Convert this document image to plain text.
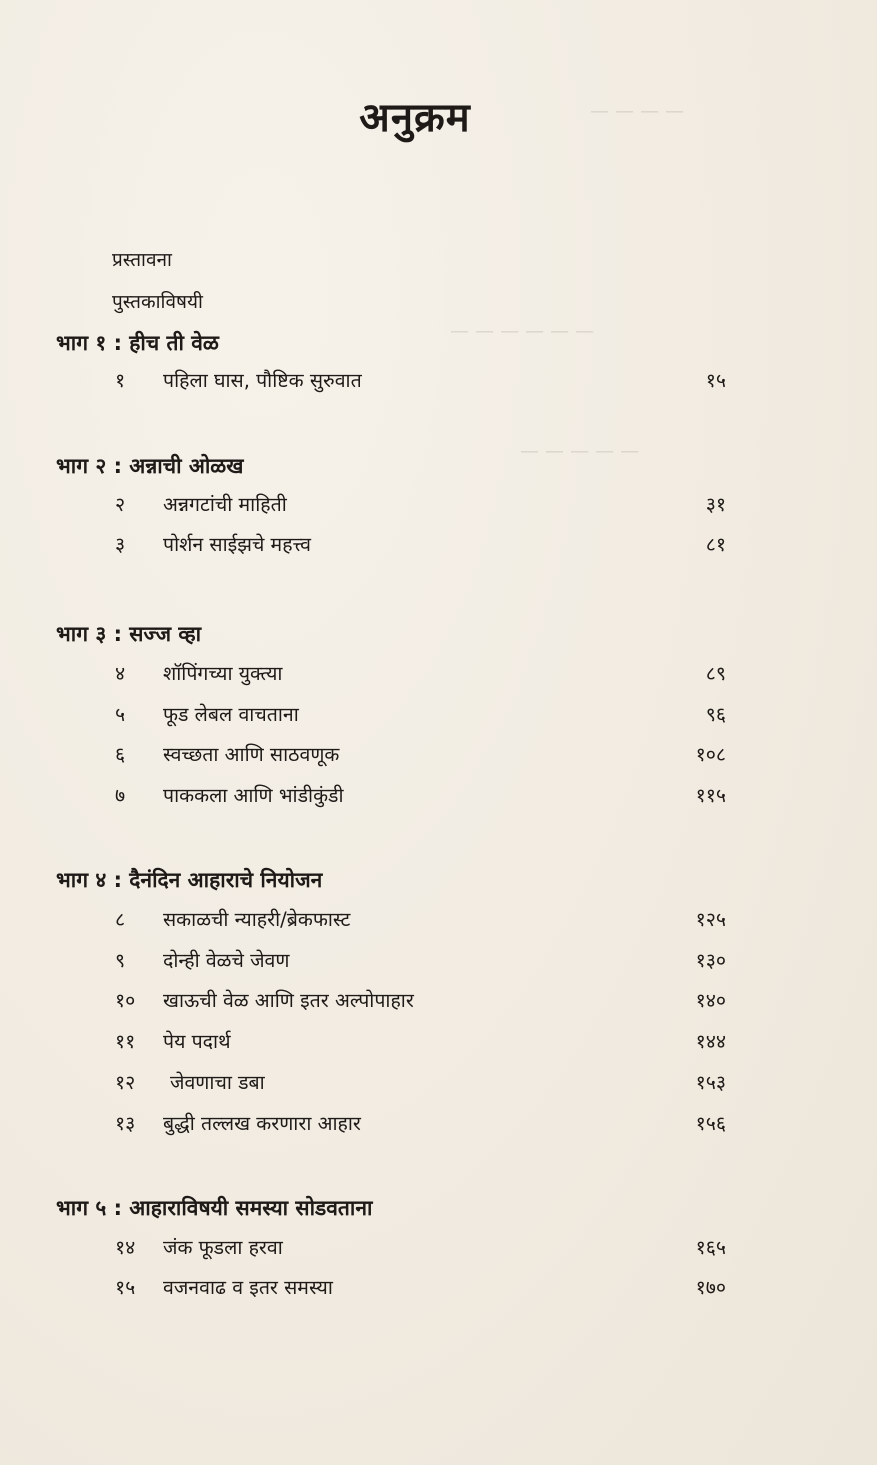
— — — —
— — — — — —
— — — — —
अनुक्रम
प्रस्तावना
पुस्तकाविषयी
भाग १ : हीच ती वेळ
१ पहिला घास, पौष्टिक सुरुवात	१५
भाग २ : अन्नाची ओळख
२ अन्नगटांची माहिती	३१
३ पोर्शन साईझचे महत्त्व	८१
भाग ३ : सज्ज व्हा
४ शॉपिंगच्या युक्त्या	८९
५ फूड लेबल वाचताना	९६
६ स्वच्छता आणि साठवणूक	१०८
७ पाककला आणि भांडीकुंडी	११५
भाग ४ : दैनंदिन आहाराचे नियोजन
८ सकाळची न्याहरी/ब्रेकफास्ट	१२५
९ दोन्ही वेळचे जेवण	१३०
१० खाऊची वेळ आणि इतर अल्पोपाहार	१४०
११ पेय पदार्थ	१४४
१२ जेवणाचा डबा	१५३
१३ बुद्धी तल्लख करणारा आहार	१५६
भाग ५ : आहाराविषयी समस्या सोडवताना
१४ जंक फूडला हरवा	१६५
१५ वजनवाढ व इतर समस्या	१७०
